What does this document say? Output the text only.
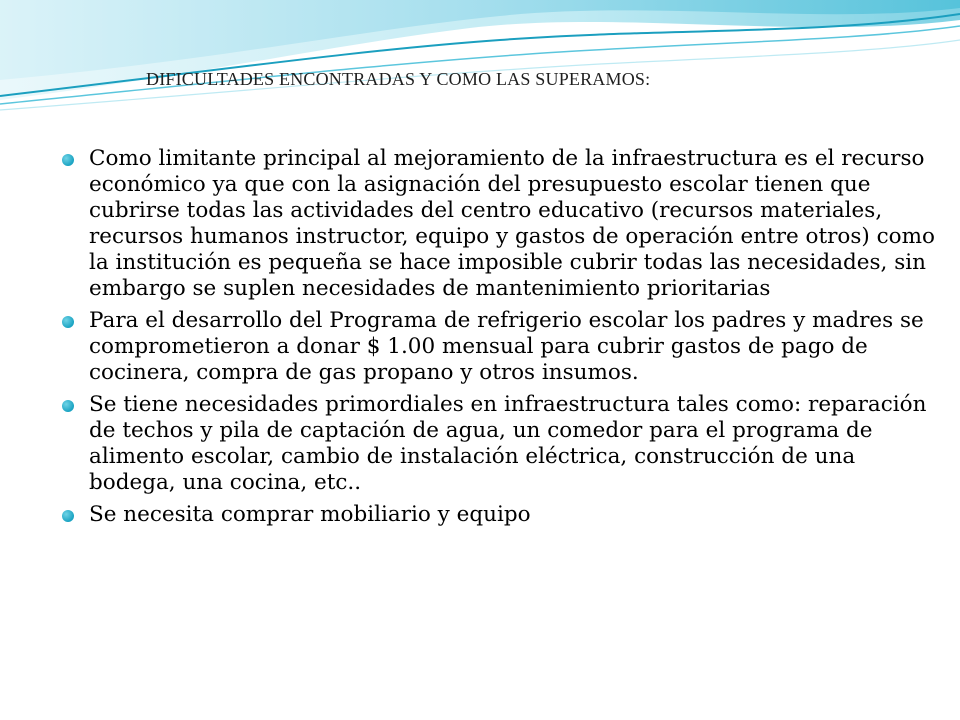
DIFICULTADES ENCONTRADAS Y COMO LAS SUPERAMOS:
Como limitante principal al mejoramiento de la infraestructura es el recurso económico ya que con la asignación del presupuesto escolar tienen que cubrirse todas las actividades del centro educativo (recursos materiales, recursos humanos instructor, equipo y gastos de operación entre otros) como la institución es pequeña se hace imposible cubrir todas las necesidades, sin embargo se suplen necesidades de mantenimiento prioritarias
Para el desarrollo del Programa de refrigerio escolar los padres y madres se comprometieron a donar $ 1.00 mensual para cubrir gastos de pago de cocinera, compra de gas propano y otros insumos.
Se tiene necesidades primordiales en infraestructura tales como: reparación de techos y pila de captación de agua, un comedor para el programa de alimento escolar, cambio de instalación eléctrica, construcción de una bodega, una cocina, etc..
Se necesita comprar mobiliario y equipo
